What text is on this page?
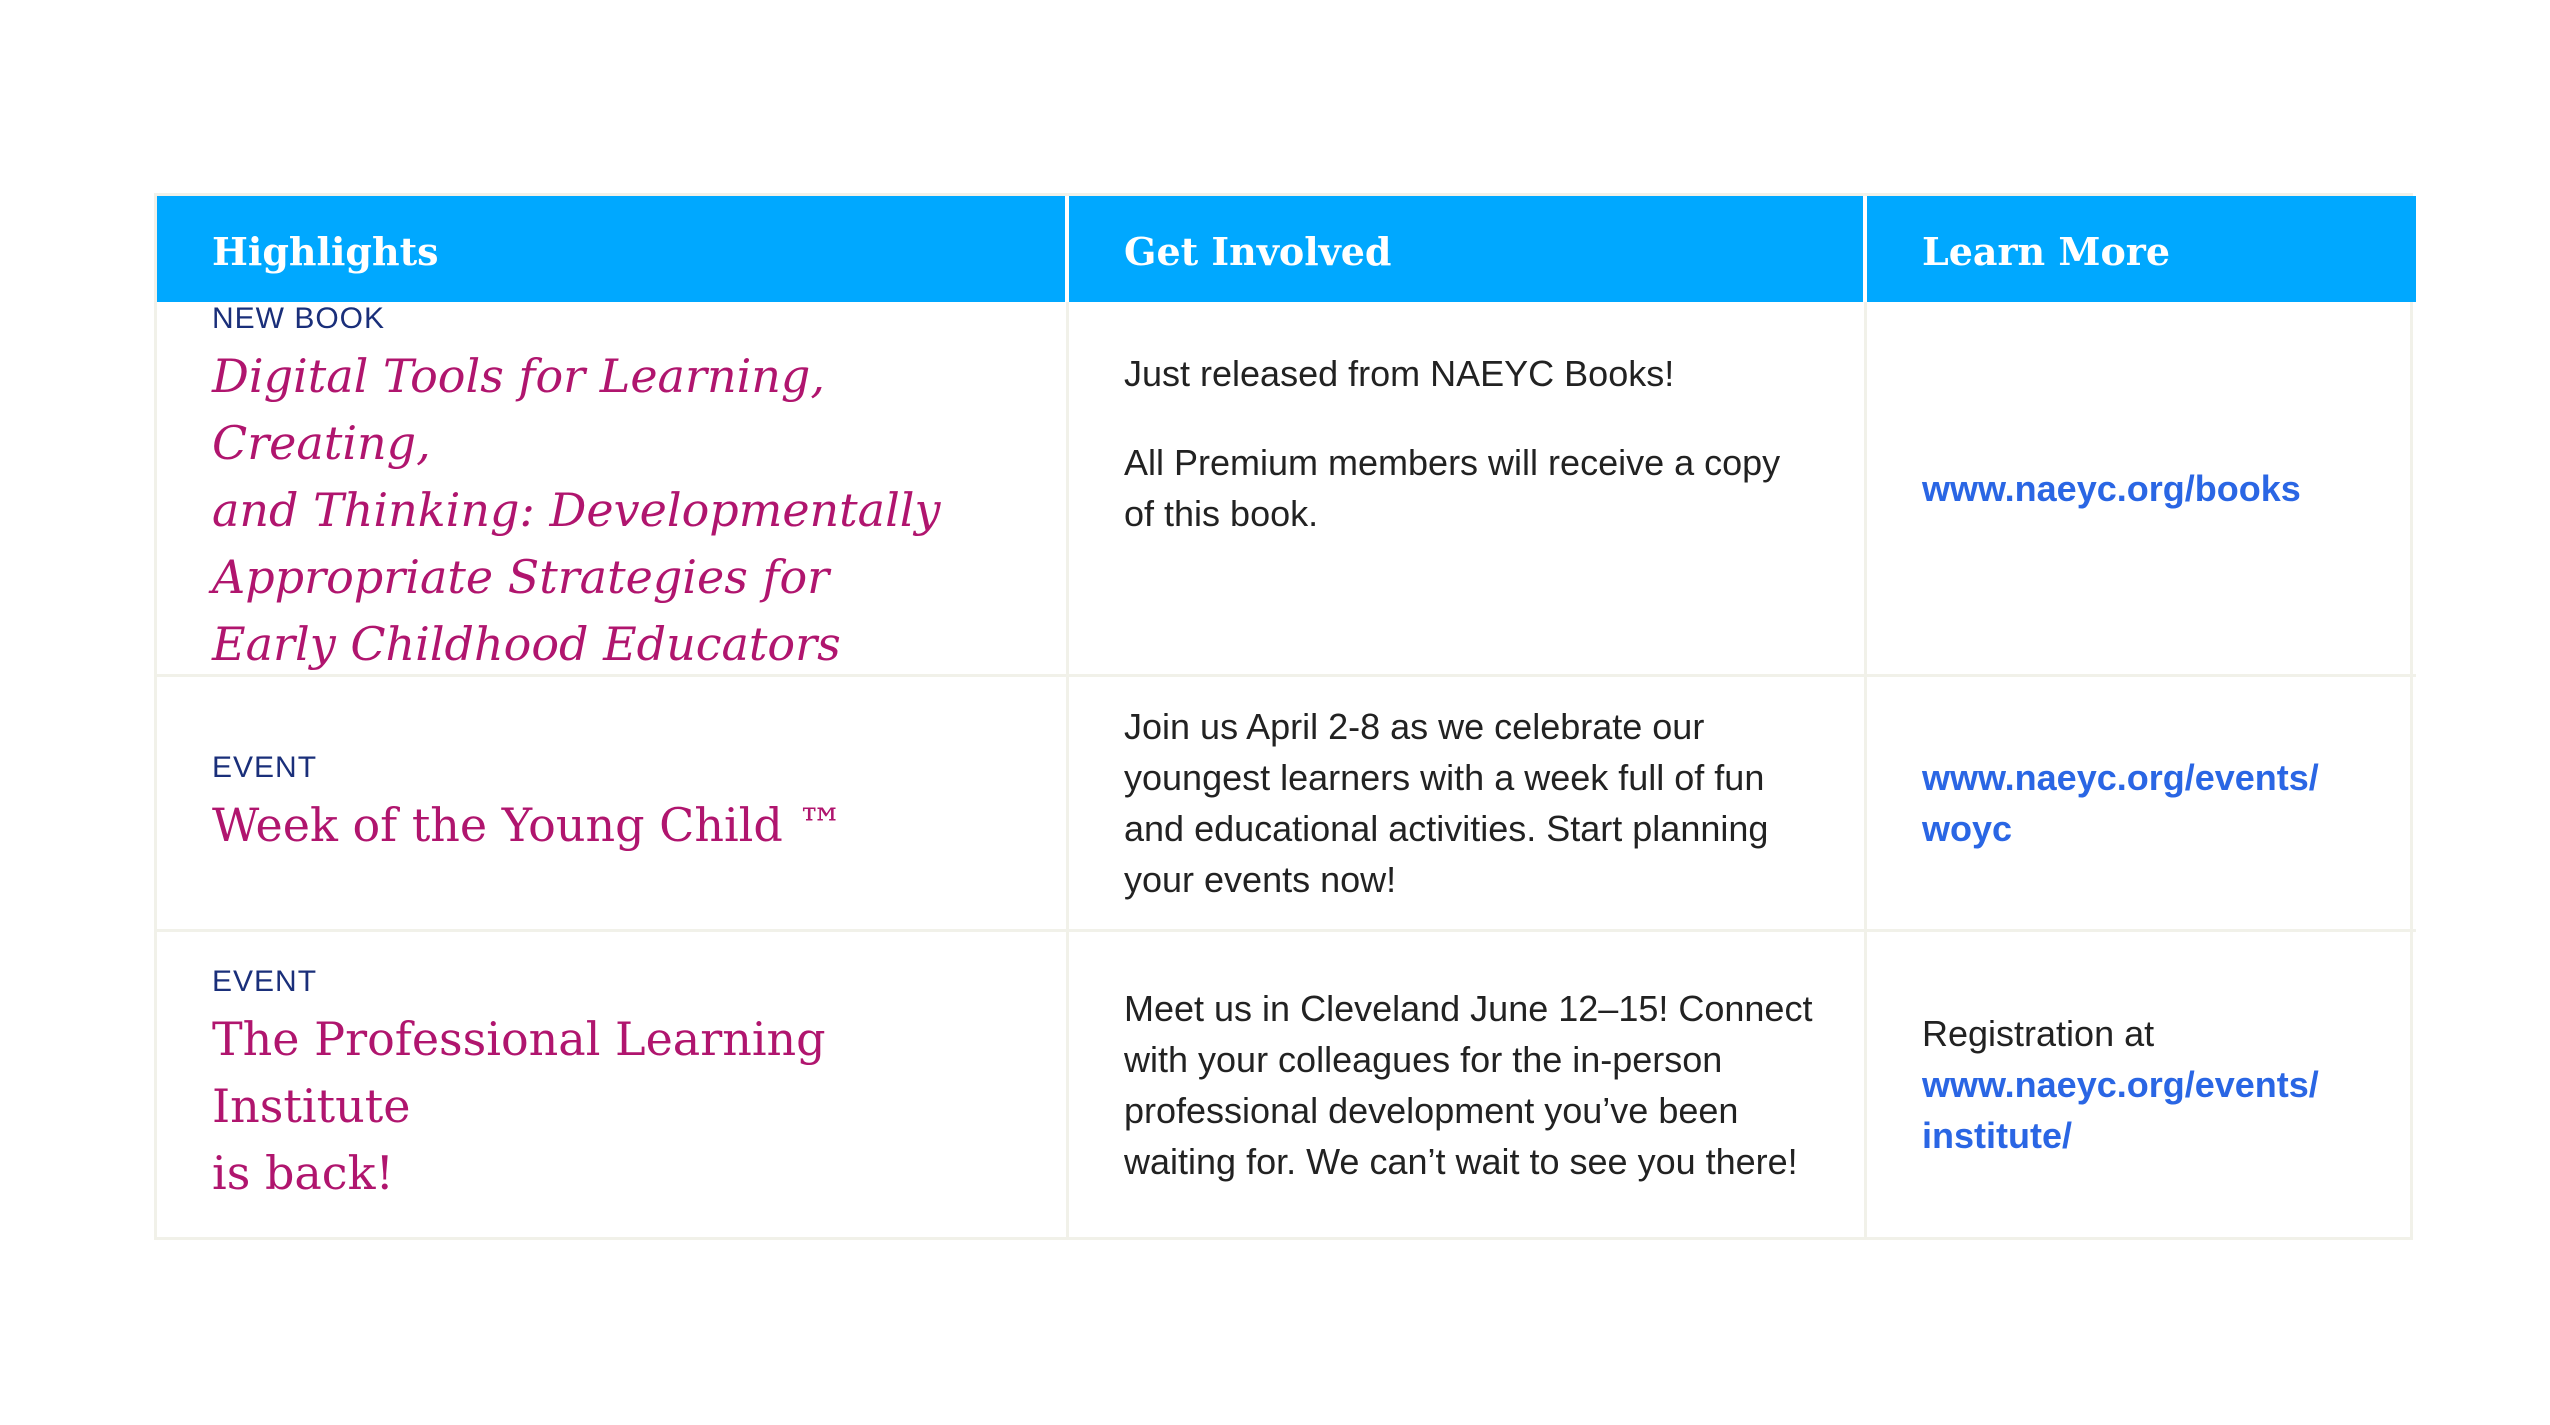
Highlights	Get Involved	Learn More
NEW BOOK
Digital Tools for Learning, Creating,
and Thinking: Developmentally
Appropriate Strategies for
Early Childhood Educators

Just released from NAEYC Books!

All Premium members will receive a copy of this book.

www.naeyc.org/books
EVENT
Week of the Young Child ™

Join us April 2-8 as we celebrate our youngest learners with a week full of fun and educational activities. Start planning your events now!

www.naeyc.org/events/
woyc
EVENT
The Professional Learning Institute
is back!

Meet us in Cleveland June 12–15! Connect with your colleagues for the in-person professional development you’ve been waiting for. We can’t wait to see you there!

Registration at
www.naeyc.org/events/
institute/
